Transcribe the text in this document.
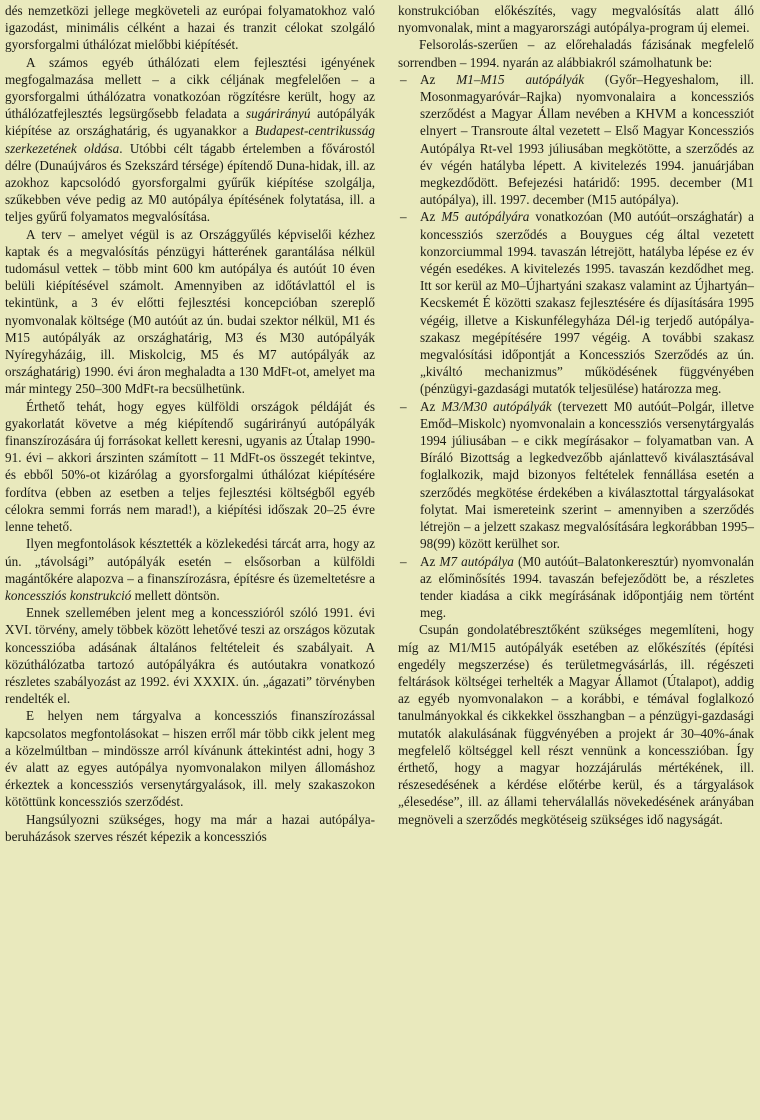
dés nemzetközi jellege megköveteli az európai folyamatokhoz való igazodást, minimális célként a hazai és tranzit célokat szolgáló gyorsforgalmi úthálózat mielőbbi kiépítését.

A számos egyéb úthálózati elem fejlesztési igényének megfogalmazása mellett – a cikk céljának megfelelően – a gyorsforgalmi úthálózatra vonatkozóan rögzítésre került, hogy az úthálózatfejlesztés legsürgősebb feladata a sugárirányú autópályák kiépítése az országhatárig, és ugyanakkor a Budapest-centrikusság szerkezetének oldása. Utóbbi célt tágabb értelemben a fővárostól délre (Dunaújváros és Szekszárd térsége) építendő Duna-hidak, ill. az azokhoz kapcsolódó gyorsforgalmi gyűrűk kiépítése szolgálja, szűkebben véve pedig az M0 autópálya építésének folytatása, ill. a teljes gyűrű folyamatos megvalósítása.

A terv – amelyet végül is az Országgyűlés képviselői kézhez kaptak és a megvalósítás pénzügyi hátterének garantálása nélkül tudomásul vettek – több mint 600 km autópálya és autóút 10 éven belüli kiépítésével számolt. Amennyiben az időtávlattól el is tekintünk, a 3 év előtti fejlesztési koncepcióban szereplő nyomvonalak költsége (M0 autóút az ún. budai szektor nélkül, M1 és M15 autópályák az országhatárig, M3 és M30 autópályák Nyíregyházáig, ill. Miskolcig, M5 és M7 autópályák az országhatárig) 1990. évi áron meghaladta a 130 MdFt-ot, amelyet ma már mintegy 250–300 MdFt-ra becsülhetünk.

Érthető tehát, hogy egyes külföldi országok példáját és gyakorlatát követve a még kiépítendő sugárirányú autópályák finanszírozására új forrásokat kellett keresni, ugyanis az Útalap 1990-91. évi – akkori árszinten számított – 11 MdFt-os összegét tekintve, és ebből 50%-ot kizárólag a gyorsforgalmi úthálózat kiépítésére fordítva (ebben az esetben a teljes fejlesztési költségből egyéb célokra semmi forrás nem marad!), a kiépítési időszak 20–25 évre lenne tehető.

Ilyen megfontolások késztették a közlekedési tárcát arra, hogy az ún. „távolsági” autópályák esetén – elsősorban a külföldi magántőkére alapozva – a finanszírozásra, építésre és üzemeltetésre a koncessziós konstrukció mellett döntsön.

Ennek szellemében jelent meg a koncesszióról szóló 1991. évi XVI. törvény, amely többek között lehetővé teszi az országos közutak koncesszióba adásának általános feltételeit és szabályait. A közúthálózatba tartozó autópályákra és autóutakra vonatkozó részletes szabályozást az 1992. évi XXXIX. ún. „ágazati” törvényben rendelték el.

E helyen nem tárgyalva a koncessziós finanszírozással kapcsolatos megfontolásokat – hiszen erről már több cikk jelent meg a közelmúltban – mindössze arról kívánunk áttekintést adni, hogy 3 év alatt az egyes autópálya nyomvonalakon milyen állomáshoz érkeztek a koncessziós versenytárgyalások, ill. mely szakaszokon kötöttünk koncessziós szerződést.

Hangsúlyozni szükséges, hogy ma már a hazai autópálya-beruházások szerves részét képezik a koncessziós

konstrukcióban előkészítés, vagy megvalósítás alatt álló nyomvonalak, mint a magyarországi autópálya-program új elemei.

Felsorolás-szerűen – az előrehaladás fázisának megfelelő sorrendben – 1994. nyarán az alábbiakról számolhatunk be:

– Az M1–M15 autópályák (Győr–Hegyeshalom, ill. Mosonmagyaróvár–Rajka) nyomvonalaira a koncessziós szerződést a Magyar Állam nevében a KHVM a koncessziót elnyert – Transroute által vezetett – Első Magyar Koncessziós Autópálya Rt-vel 1993 júliusában megkötötte, a szerződés az év végén hatályba lépett. A kivitelezés 1994. januárjában megkezdődött. Befejezési határidő: 1995. december (M1 autópálya), ill. 1997. december (M15 autópálya).
– Az M5 autópályára vonatkozóan (M0 autóút–országhatár) a koncessziós szerződés a Bouygues cég által vezetett konzorciummal 1994. tavaszán létrejött, hatályba lépése ez év végén esedékes. A kivitelezés 1995. tavaszán kezdődhet meg. Itt sor kerül az M0–Újhartyáni szakasz valamint az Újhartyán–Kecskemét É közötti szakasz fejlesztésére és díjasítására 1995 végéig, illetve a Kiskunfélegyháza Dél-ig terjedő autópálya-szakasz megépítésére 1997 végéig. A további szakasz megvalósítási időpontját a Koncessziós Szerződés az ún. „kiváltó mechanizmus” működésének függvényében (pénzügyi-gazdasági mutatók teljesülése) határozza meg.
– Az M3/M30 autópályák (tervezett M0 autóút–Polgár, illetve Emőd–Miskolc) nyomvonalain a koncessziós versenytárgyalás 1994 júliusában – e cikk megírásakor – folyamatban van. A Bíráló Bizottság a legkedvezőbb ajánlattevő kiválasztásával foglalkozik, majd bizonyos feltételek fennállása esetén a szerződés megkötése érdekében a kiválasztottal tárgyalásokat folytat. Mai ismereteink szerint – amennyiben a szerződés létrejön – a jelzett szakasz megvalósítására legkorábban 1995–98(99) között kerülhet sor.
– Az M7 autópálya (M0 autóút–Balatonkeresztúr) nyomvonalán az előminősítés 1994. tavaszán befejeződött be, a részletes tender kiadása a cikk megírásának időpontjáig nem történt meg.

Csupán gondolatébresztőként szükséges megemlíteni, hogy míg az M1/M15 autópályák esetében az előkészítés (építési engedély megszerzése) és területmegvásárlás, ill. régészeti feltárások költségei terhelték a Magyar Államot (Útalapot), addig az egyéb nyomvonalakon – a korábbi, e témával foglalkozó tanulmányokkal és cikkekkel összhangban – a pénzügyi-gazdasági mutatók alakulásának függvényében a projekt ár 30–40%-ának megfelelő költséggel kell részt vennünk a koncesszióban. Így érthető, hogy a magyar hozzájárulás mértékének, ill. részesedésének a kérdése előtérbe kerül, és a tárgyalások „élesedése”, ill. az állami teherválallás növekedésének arányában megnöveli a szerződés megkötéseig szükséges idő nagyságát.
